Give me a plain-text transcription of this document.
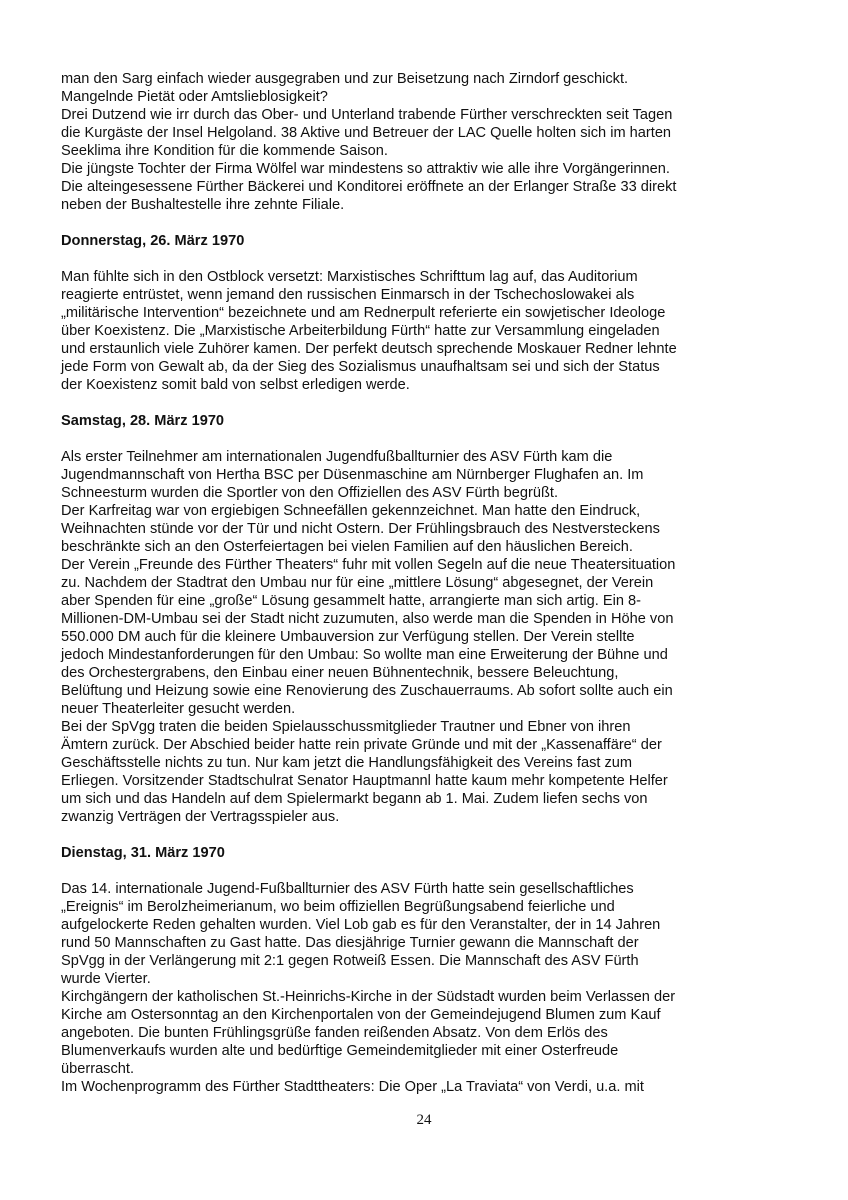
man den Sarg einfach wieder ausgegraben und zur Beisetzung nach Zirndorf geschickt.

Mangelnde Pietät oder Amtslieblosigkeit?

Drei Dutzend wie irr durch das Ober- und Unterland trabende Fürther verschreckten seit Tagen

die Kurgäste der Insel Helgoland. 38 Aktive und Betreuer der LAC Quelle holten sich im harten

Seeklima ihre Kondition für die kommende Saison.

Die jüngste Tochter der Firma Wölfel war mindestens so attraktiv wie alle ihre Vorgängerinnen.

Die alteingesessene Fürther Bäckerei und Konditorei eröffnete an der Erlanger Straße 33 direkt

neben der Bushaltestelle ihre zehnte Filiale.

Donnerstag, 26. März 1970

Man fühlte sich in den Ostblock versetzt: Marxistisches Schrifttum lag auf, das Auditorium

reagierte entrüstet, wenn jemand den russischen Einmarsch in der Tschechoslowakei als

„militärische Intervention“ bezeichnete und am Rednerpult referierte ein sowjetischer Ideologe

über Koexistenz. Die „Marxistische Arbeiterbildung Fürth“ hatte zur Versammlung eingeladen

und erstaunlich viele Zuhörer kamen. Der perfekt deutsch sprechende Moskauer Redner lehnte

jede Form von Gewalt ab, da der Sieg des Sozialismus unaufhaltsam sei und sich der Status

der Koexistenz somit bald von selbst erledigen werde.

Samstag, 28. März 1970

Als erster Teilnehmer am internationalen Jugendfußballturnier des ASV Fürth kam die

Jugendmannschaft von Hertha BSC per Düsenmaschine am Nürnberger Flughafen an. Im

Schneesturm wurden die Sportler von den Offiziellen des ASV Fürth begrüßt.

Der Karfreitag war von ergiebigen Schneefällen gekennzeichnet. Man hatte den Eindruck,

Weihnachten stünde vor der Tür und nicht Ostern. Der Frühlingsbrauch des Nestversteckens

beschränkte sich an den Osterfeiertagen bei vielen Familien auf den häuslichen Bereich.

Der Verein „Freunde des Fürther Theaters“ fuhr mit vollen Segeln auf die neue Theatersituation

zu. Nachdem der Stadtrat den Umbau nur für eine „mittlere Lösung“ abgesegnet, der Verein

aber Spenden für eine „große“ Lösung gesammelt hatte, arrangierte man sich artig. Ein 8-

Millionen-DM-Umbau sei der Stadt nicht zuzumuten, also werde man die Spenden in Höhe von

550.000 DM auch für die kleinere Umbauversion zur Verfügung stellen. Der Verein stellte

jedoch Mindestanforderungen für den Umbau: So wollte man eine Erweiterung der Bühne und

des Orchestergrabens, den Einbau einer neuen Bühnentechnik, bessere Beleuchtung,

Belüftung und Heizung sowie eine Renovierung des Zuschauerraums. Ab sofort sollte auch ein

neuer Theaterleiter gesucht werden.

Bei der SpVgg traten die beiden Spielausschussmitglieder Trautner und Ebner von ihren

Ämtern zurück. Der Abschied beider hatte rein private Gründe und mit der „Kassenaffäre“ der

Geschäftsstelle nichts zu tun. Nur kam jetzt die Handlungsfähigkeit des Vereins fast zum

Erliegen. Vorsitzender Stadtschulrat Senator Hauptmannl hatte kaum mehr kompetente Helfer

um sich und das Handeln auf dem Spielermarkt begann ab 1. Mai. Zudem liefen sechs von

zwanzig Verträgen der Vertragsspieler aus.

Dienstag, 31. März 1970

Das 14. internationale Jugend-Fußballturnier des ASV Fürth hatte sein gesellschaftliches

„Ereignis“ im Berolzheimerianum, wo beim offiziellen Begrüßungsabend feierliche und

aufgelockerte Reden gehalten wurden. Viel Lob gab es für den Veranstalter, der in 14 Jahren

rund 50 Mannschaften zu Gast hatte. Das diesjährige Turnier gewann die Mannschaft der

SpVgg in der Verlängerung mit 2:1 gegen Rotweiß Essen. Die Mannschaft des ASV Fürth

wurde Vierter.

Kirchgängern der katholischen St.-Heinrichs-Kirche in der Südstadt wurden beim Verlassen der

Kirche am Ostersonntag an den Kirchenportalen von der Gemeindejugend Blumen zum Kauf

angeboten. Die bunten Frühlingsgrüße fanden reißenden Absatz. Von dem Erlös des

Blumenverkaufs wurden alte und bedürftige Gemeindemitglieder mit einer Osterfreude

überrascht.

Im Wochenprogramm des Fürther Stadttheaters: Die Oper „La Traviata“ von Verdi, u.a. mit

24
